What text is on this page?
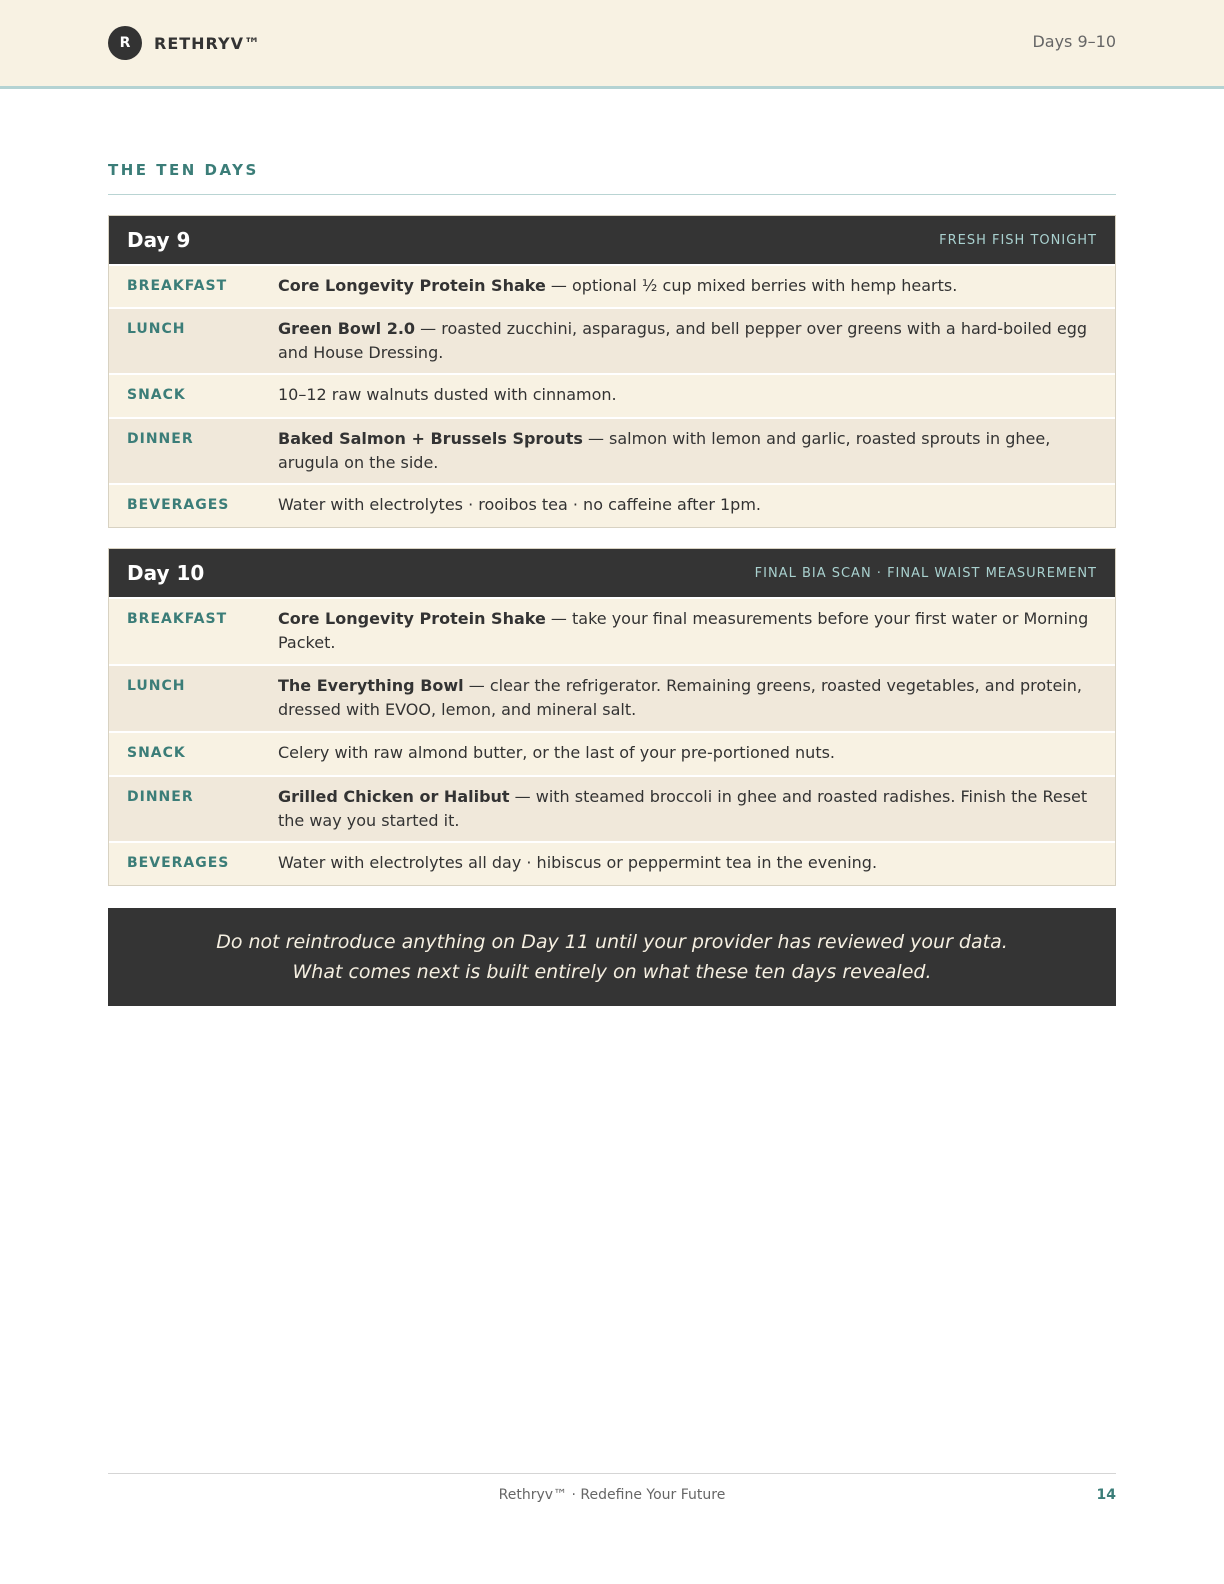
R	RETHRYV™	Days 9–10
THE TEN DAYS
Day 9	FRESH FISH TONIGHT
BREAKFAST	Core Longevity Protein Shake — optional ½ cup mixed berries with hemp hearts.
LUNCH	Green Bowl 2.0 — roasted zucchini, asparagus, and bell pepper over greens with a hard-boiled egg and House Dressing.
SNACK	10–12 raw walnuts dusted with cinnamon.
DINNER	Baked Salmon + Brussels Sprouts — salmon with lemon and garlic, roasted sprouts in ghee, arugula on the side.
BEVERAGES	Water with electrolytes · rooibos tea · no caffeine after 1pm.
Day 10	FINAL BIA SCAN · FINAL WAIST MEASUREMENT
BREAKFAST	Core Longevity Protein Shake — take your final measurements before your first water or Morning Packet.
LUNCH	The Everything Bowl — clear the refrigerator. Remaining greens, roasted vegetables, and protein, dressed with EVOO, lemon, and mineral salt.
SNACK	Celery with raw almond butter, or the last of your pre-portioned nuts.
DINNER	Grilled Chicken or Halibut — with steamed broccoli in ghee and roasted radishes. Finish the Reset the way you started it.
BEVERAGES	Water with electrolytes all day · hibiscus or peppermint tea in the evening.
Do not reintroduce anything on Day 11 until your provider has reviewed your data.
What comes next is built entirely on what these ten days revealed.
Rethryv™ · Redefine Your Future	14
